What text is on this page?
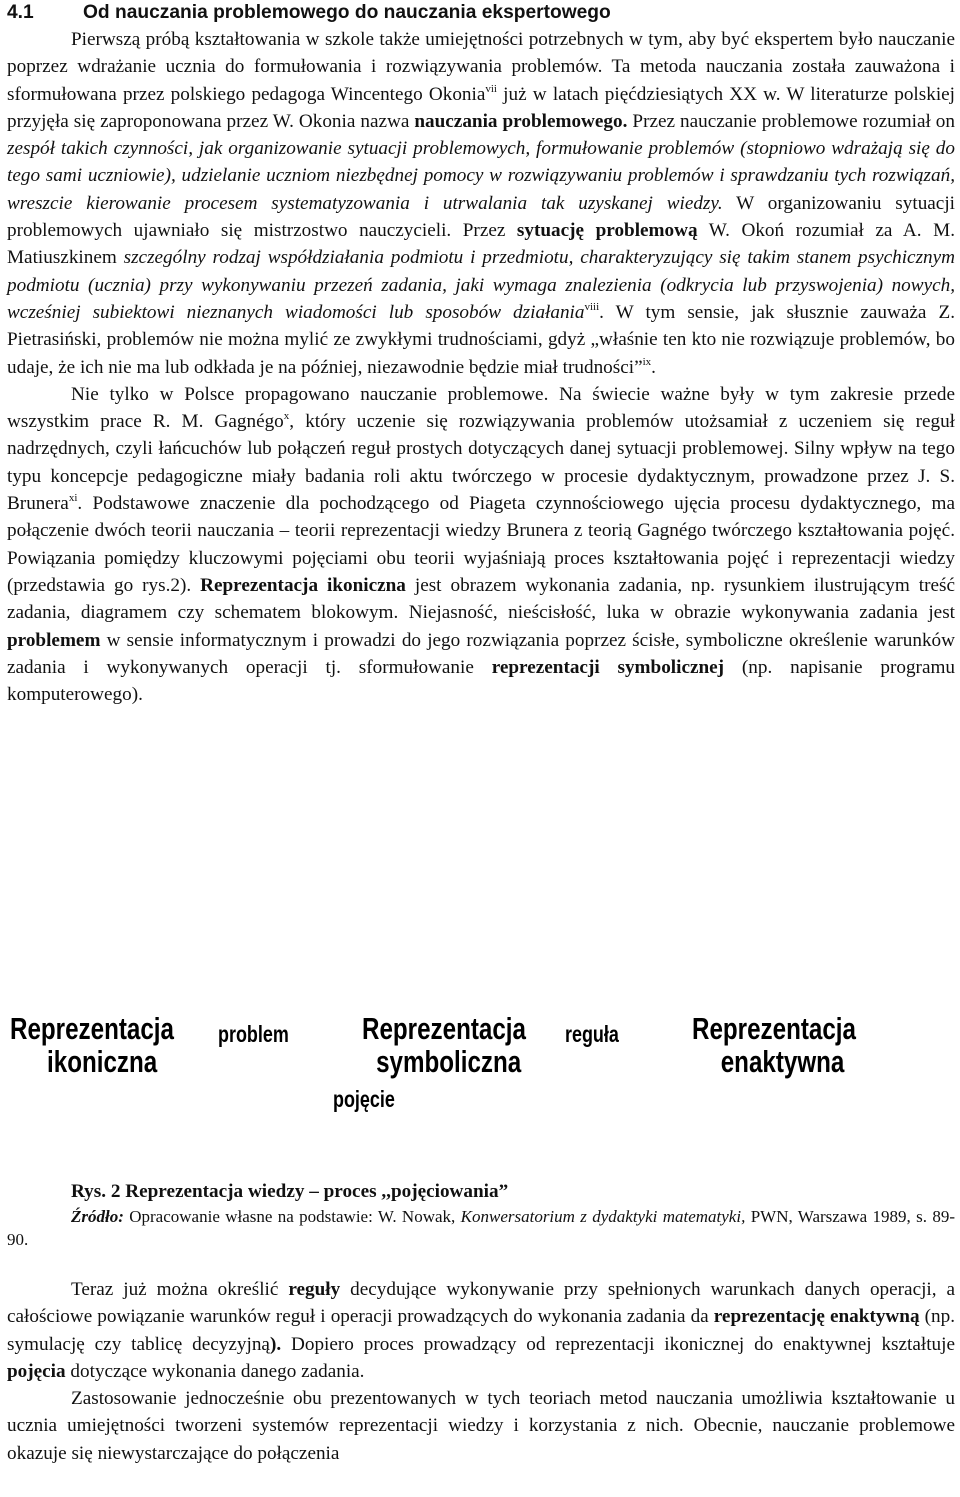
4.1	Od nauczania problemowego do nauczania ekspertowego

Pierwszą próbą kształtowania w szkole także umiejętności potrzebnych w tym, aby być ekspertem było nauczanie poprzez wdrażanie ucznia do formułowania i rozwiązywania problemów. Ta metoda nauczania została zauważona i sformułowana przez polskiego pedagoga Wincentego Okonia$^{vii}$ już w latach pięćdziesiątych XX w. W literaturze polskiej przyjęła się zaproponowana przez W. Okonia nazwa nauczania problemowego. Przez nauczanie problemowe rozumiał on zespół takich czynności, jak organizowanie sytuacji problemowych, formułowanie problemów (stopniowo wdrażają się do tego sami uczniowie), udzielanie uczniom niezbędnej pomocy w rozwiązywaniu problemów i sprawdzaniu tych rozwiązań, wreszcie kierowanie procesem systematyzowania i utrwalania tak uzyskanej wiedzy. W organizowaniu sytuacji problemowych ujawniało się mistrzostwo nauczycieli. Przez sytuację problemową W. Okoń rozumiał za A. M. Matiuszkinem szczególny rodzaj współdziałania podmiotu i przedmiotu, charakteryzujący się takim stanem psychicznym podmiotu (ucznia) przy wykonywaniu przezeń zadania, jaki wymaga znalezienia (odkrycia lub przyswojenia) nowych, wcześniej subiektowi nieznanych wiadomości lub sposobów działania$^{viii}$. W tym sensie, jak słusznie zauważa Z. Pietrasiński, problemów nie można mylić ze zwykłymi trudnościami, gdyż „właśnie ten kto nie rozwiązuje problemów, bo udaje, że ich nie ma lub odkłada je na później, niezawodnie będzie miał trudności”$^{ix}$.

Nie tylko w Polsce propagowano nauczanie problemowe. Na świecie ważne były w tym zakresie przede wszystkim prace R. M. Gagnégo$^x$, który uczenie się rozwiązywania problemów utożsamiał z uczeniem się reguł nadrzędnych, czyli łańcuchów lub połączeń reguł prostych dotyczących danej sytuacji problemowej. Silny wpływ na tego typu koncepcje pedagogiczne miały badania roli aktu twórczego w procesie dydaktycznym, prowadzone przez J. S. Brunera$^{xi}$. Podstawowe znaczenie dla pochodzącego od Piageta czynnościowego ujęcia procesu dydaktycznego, ma połączenie dwóch teorii nauczania – teorii reprezentacji wiedzy Brunera z teorią Gagnégo twórczego kształtowania pojęć. Powiązania pomiędzy kluczowymi pojęciami obu teorii wyjaśniają proces kształtowania pojęć i reprezentacji wiedzy (przedstawia go rys.2). Reprezentacja ikoniczna jest obrazem wykonania zadania, np. rysunkiem ilustrującym treść zadania, diagramem czy schematem blokowym. Niejasność, nieścisłość, luka w obrazie wykonywania zadania jest problemem w sensie informatycznym i prowadzi do jego rozwiązania poprzez ścisłe, symboliczne określenie warunków zadania i wykonywanych operacji tj. sformułowanie reprezentacji symbolicznej (np. napisanie programu komputerowego).

Reprezentacja
ikoniczna
problem Reprezentacja
symboliczna
reguła Reprezentacja
enaktywna
pojęcie

Rys. 2 Reprezentacja wiedzy – proces ,,pojęciowania”

Źródło: Opracowanie własne na podstawie: W. Nowak, Konwersatorium z dydaktyki matematyki, PWN, Warszawa 1989, s. 89-90.

Teraz już można określić reguły decydujące wykonywanie przy spełnionych warunkach danych operacji, a całościowe powiązanie warunków reguł i operacji prowadzących do wykonania zadania da reprezentację enaktywną (np. symulację czy tablicę decyzyjną). Dopiero proces prowadzący od reprezentacji ikonicznej do enaktywnej kształtuje pojęcia dotyczące wykonania danego zadania.

Zastosowanie jednocześnie obu prezentowanych w tych teoriach metod nauczania umożliwia kształtowanie u ucznia umiejętności tworzeni systemów reprezentacji wiedzy i korzystania z nich. Obecnie, nauczanie problemowe okazuje się niewystarczające do połączenia
